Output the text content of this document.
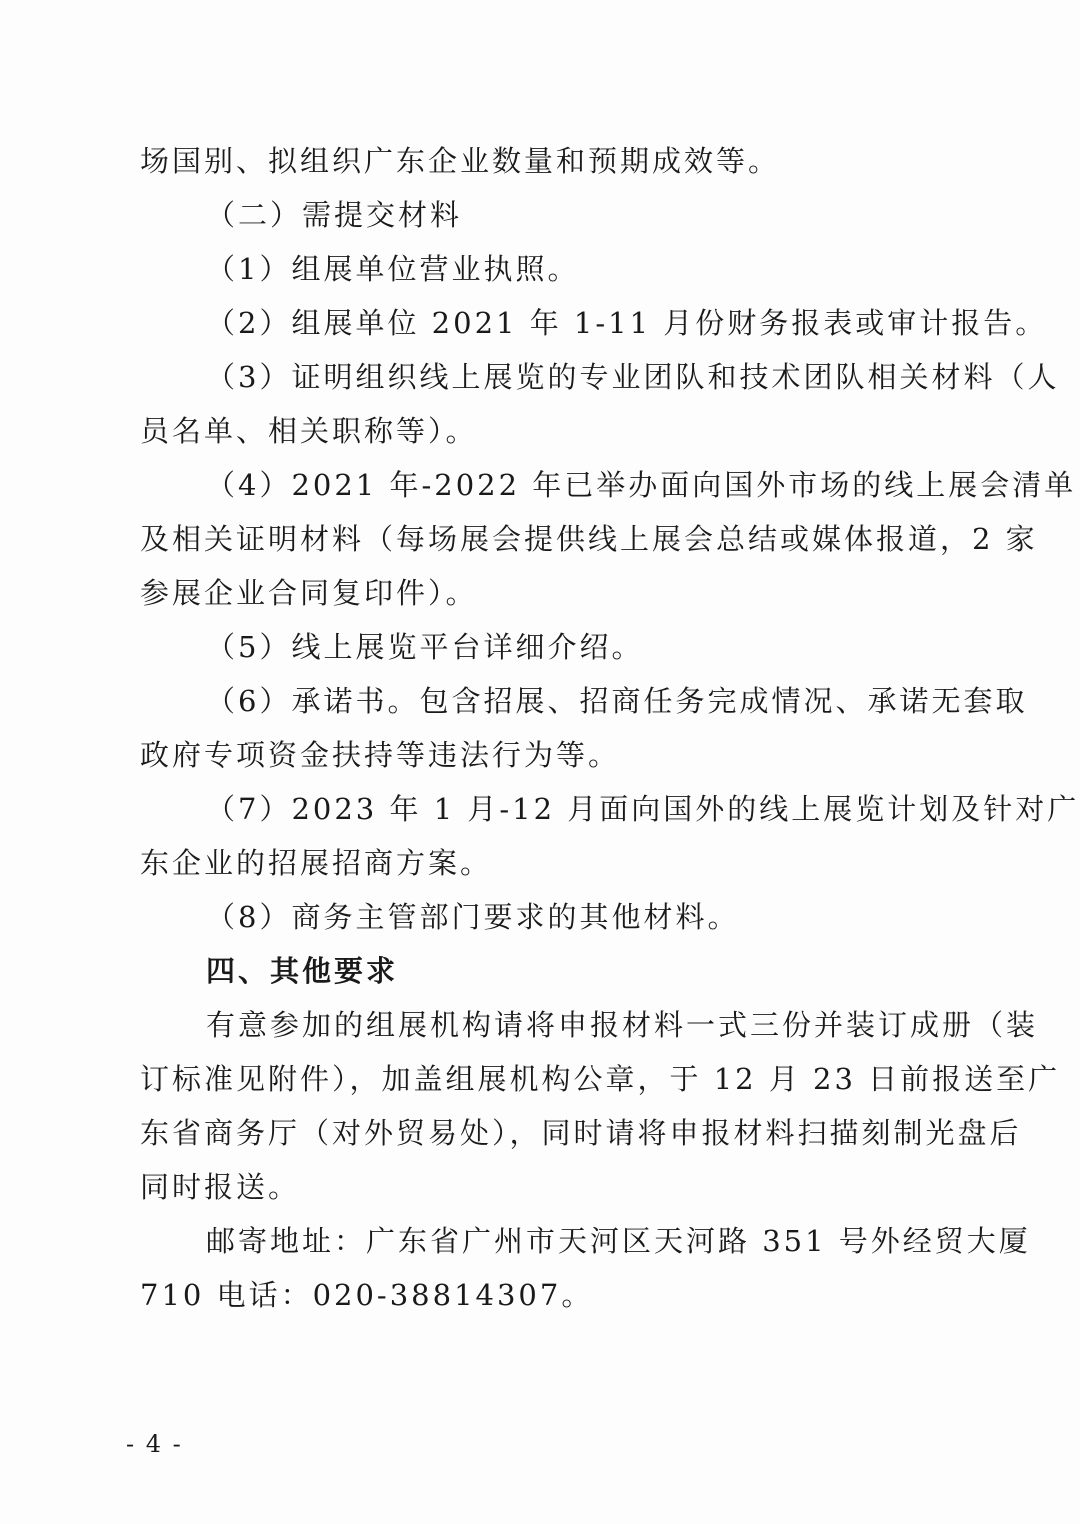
场国别、拟组织广东企业数量和预期成效等。
（二）需提交材料
（1）组展单位营业执照。
（2）组展单位 2021 年 1-11 月份财务报表或审计报告。
（3）证明组织线上展览的专业团队和技术团队相关材料（人
员名单、相关职称等）。
（4）2021 年-2022 年已举办面向国外市场的线上展会清单
及相关证明材料（每场展会提供线上展会总结或媒体报道，2 家
参展企业合同复印件）。
（5）线上展览平台详细介绍。
（6）承诺书。包含招展、招商任务完成情况、承诺无套取
政府专项资金扶持等违法行为等。
（7）2023 年 1 月-12 月面向国外的线上展览计划及针对广
东企业的招展招商方案。
（8）商务主管部门要求的其他材料。
四、其他要求
有意参加的组展机构请将申报材料一式三份并装订成册（装
订标准见附件），加盖组展机构公章，于 12 月 23 日前报送至广
东省商务厅（对外贸易处），同时请将申报材料扫描刻制光盘后
同时报送。
邮寄地址：广东省广州市天河区天河路 351 号外经贸大厦
710 电话：020-38814307。
- 4 -
